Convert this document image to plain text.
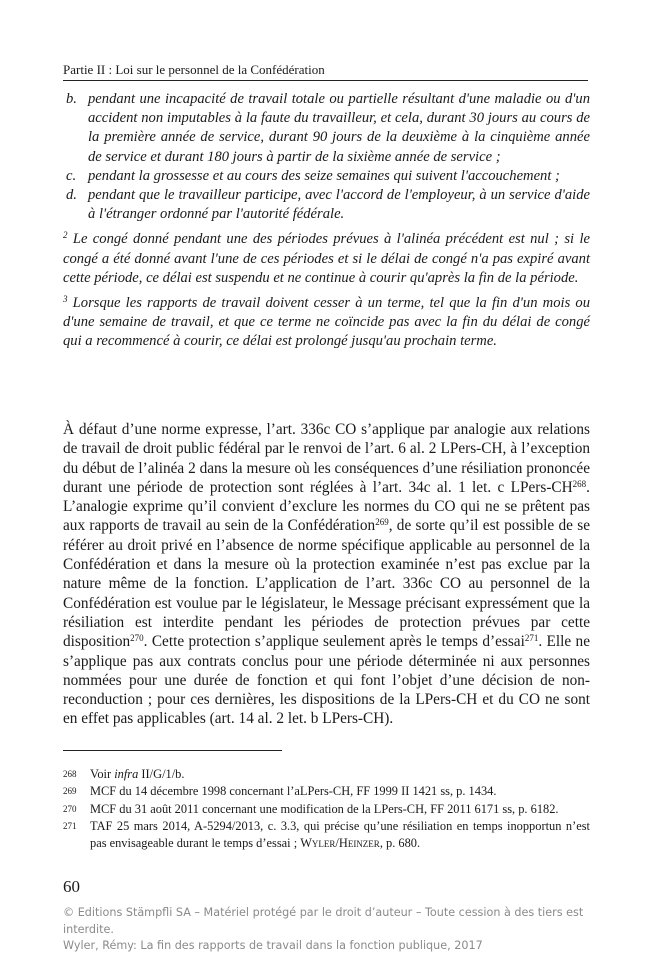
Partie II : Loi sur le personnel de la Confédération
b. pendant une incapacité de travail totale ou partielle résultant d'une maladie ou d'un accident non imputables à la faute du travailleur, et cela, durant 30 jours au cours de la première année de service, durant 90 jours de la deuxième à la cinquième année de service et durant 180 jours à partir de la sixième année de service ;
c. pendant la grossesse et au cours des seize semaines qui suivent l'accouchement ;
d. pendant que le travailleur participe, avec l'accord de l'employeur, à un service d'aide à l'étranger ordonné par l'autorité fédérale.
$^2$ Le congé donné pendant une des périodes prévues à l'alinéa précédent est nul ; si le congé a été donné avant l'une de ces périodes et si le délai de congé n'a pas expiré avant cette période, ce délai est suspendu et ne continue à courir qu'après la fin de la période.
$^3$ Lorsque les rapports de travail doivent cesser à un terme, tel que la fin d'un mois ou d'une semaine de travail, et que ce terme ne coïncide pas avec la fin du délai de congé qui a recommencé à courir, ce délai est prolongé jusqu'au prochain terme.
À défaut d’une norme expresse, l’art. 336c CO s’applique par analogie aux relations de travail de droit public fédéral par le renvoi de l’art. 6 al. 2 LPers-CH, à l’exception du début de l’alinéa 2 dans la mesure où les conséquences d’une résiliation prononcée durant une période de protection sont réglées à l’art. 34c al. 1 let. c LPers-CH$^{268}$. L’analogie exprime qu’il convient d’exclure les normes du CO qui ne se prêtent pas aux rapports de travail au sein de la Confédération$^{269}$, de sorte qu’il est possible de se référer au droit privé en l’absence de norme spécifique applicable au personnel de la Confédération et dans la mesure où la protection examinée n’est pas exclue par la nature même de la fonction. L’application de l’art. 336c CO au personnel de la Confédération est voulue par le législateur, le Message précisant expressément que la résiliation est interdite pendant les périodes de protection prévues par cette disposition$^{270}$. Cette protection s’applique seulement après le temps d’essai$^{271}$. Elle ne s’applique pas aux contrats conclus pour une période déterminée ni aux personnes nommées pour une durée de fonction et qui font l’objet d’une décision de non-reconduction ; pour ces dernières, les dispositions de la LPers-CH et du CO ne sont en effet pas applicables (art. 14 al. 2 let. b LPers-CH).
268 Voir infra II/G/1/b.
269 MCF du 14 décembre 1998 concernant l’aLPers-CH, FF 1999 II 1421 ss, p. 1434.
270 MCF du 31 août 2011 concernant une modification de la LPers-CH, FF 2011 6171 ss, p. 6182.
271 TAF 25 mars 2014, A-5294/2013, c. 3.3, qui précise qu’une résiliation en temps inopportun n’est pas envisageable durant le temps d’essai ; Wyler/Heinzer, p. 680.
60
© Editions Stämpfli SA – Matériel protégé par le droit d’auteur – Toute cession à des tiers est interdite.
Wyler, Rémy: La fin des rapports de travail dans la fonction publique, 2017
